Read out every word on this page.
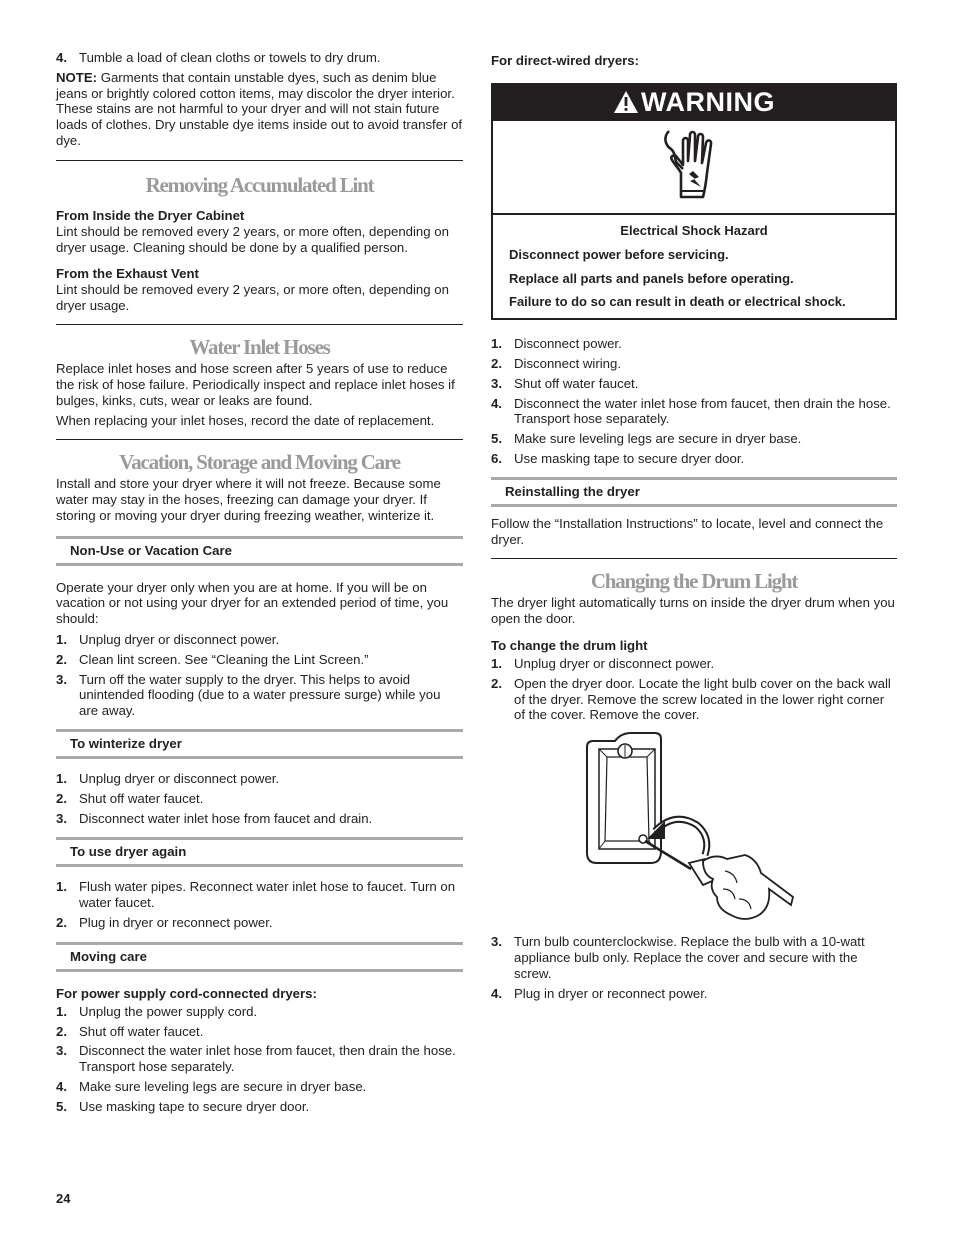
4. Tumble a load of clean cloths or towels to dry drum.

NOTE: Garments that contain unstable dyes, such as denim blue jeans or brightly colored cotton items, may discolor the dryer interior. These stains are not harmful to your dryer and will not stain future loads of clothes. Dry unstable dye items inside out to avoid transfer of dye.

Removing Accumulated Lint
From Inside the Dryer Cabinet

Lint should be removed every 2 years, or more often, depending on dryer usage. Cleaning should be done by a qualified person.

From the Exhaust Vent

Lint should be removed every 2 years, or more often, depending on dryer usage.

Water Inlet Hoses

Replace inlet hoses and hose screen after 5 years of use to reduce the risk of hose failure. Periodically inspect and replace inlet hoses if bulges, kinks, cuts, wear or leaks are found.

When replacing your inlet hoses, record the date of replacement.

Vacation, Storage and Moving Care

Install and store your dryer where it will not freeze. Because some water may stay in the hoses, freezing can damage your dryer. If storing or moving your dryer during freezing weather, winterize it.

Non-Use or Vacation Care

Operate your dryer only when you are at home. If you will be on vacation or not using your dryer for an extended period of time, you should:

1. Unplug dryer or disconnect power.
2. Clean lint screen. See “Cleaning the Lint Screen.”
3. Turn off the water supply to the dryer. This helps to avoid unintended flooding (due to a water pressure surge) while you are away.
To winterize dryer
1. Unplug dryer or disconnect power.
2. Shut off water faucet.
3. Disconnect water inlet hose from faucet and drain.
To use dryer again
1. Flush water pipes. Reconnect water inlet hose to faucet. Turn on water faucet.
2. Plug in dryer or reconnect power.
Moving care
For power supply cord-connected dryers:
1. Unplug the power supply cord.
2. Shut off water faucet.
3. Disconnect the water inlet hose from faucet, then drain the hose. Transport hose separately.
4. Make sure leveling legs are secure in dryer base.
5. Use masking tape to secure dryer door.
For direct-wired dryers:
WARNING
Electrical Shock Hazard
Disconnect power before servicing.
Replace all parts and panels before operating.
Failure to do so can result in death or electrical shock.
1. Disconnect power.
2. Disconnect wiring.
3. Shut off water faucet.
4. Disconnect the water inlet hose from faucet, then drain the hose. Transport hose separately.
5. Make sure leveling legs are secure in dryer base.
6. Use masking tape to secure dryer door.
Reinstalling the dryer

Follow the “Installation Instructions” to locate, level and connect the dryer.

Changing the Drum Light

The dryer light automatically turns on inside the dryer drum when you open the door.

To change the drum light
1. Unplug dryer or disconnect power.
2. Open the dryer door. Locate the light bulb cover on the back wall of the dryer. Remove the screw located in the lower right corner of the cover. Remove the cover.
3. Turn bulb counterclockwise. Replace the bulb with a 10-watt appliance bulb only. Replace the cover and secure with the screw.
4. Plug in dryer or reconnect power.
24
